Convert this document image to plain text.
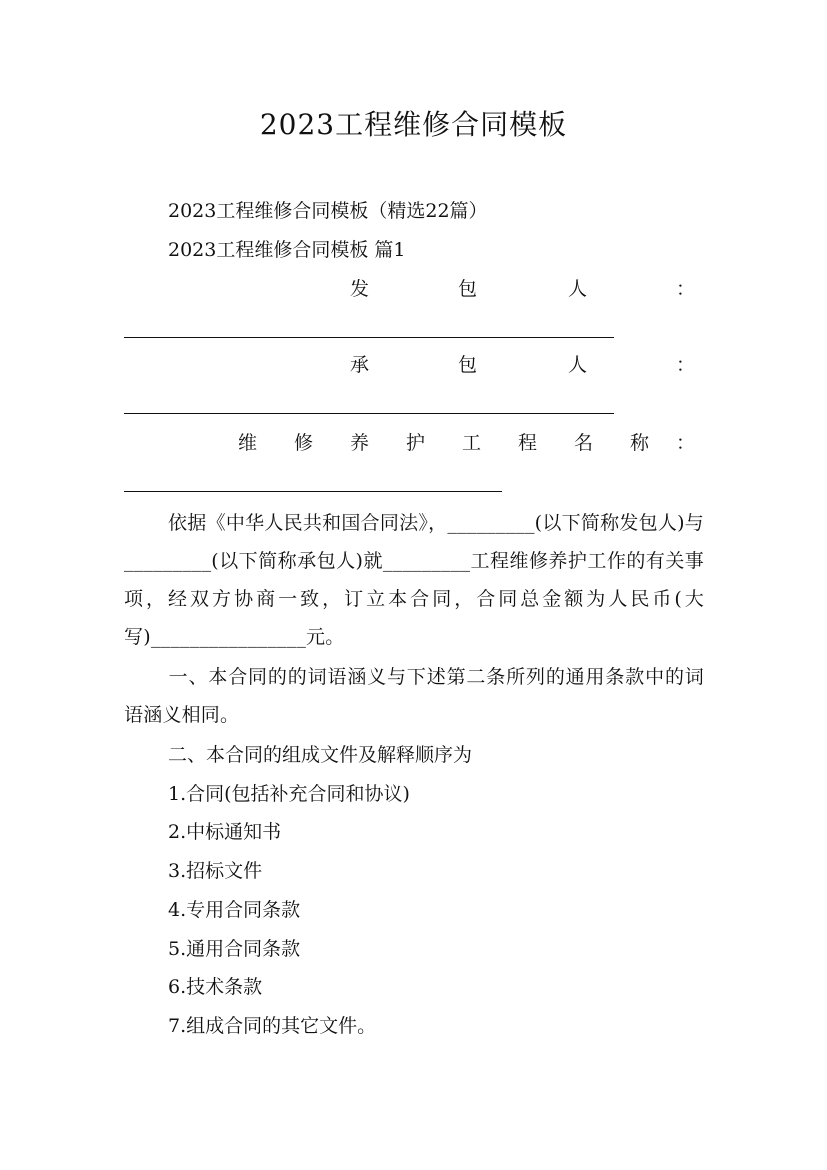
2023工程维修合同模板
2023工程维修合同模板（精选22篇）
2023工程维修合同模板 篇1
发	包	人	：
承	包	人	：
维 修 养 护 工 程 名 称 ：
依据《中华人民共和国合同法》，_________(以下简称发包人)与_________(以下简称承包人)就_________工程维修养护工作的有关事项，经双方协商一致，订立本合同，合同总金额为人民币(大写)________________元。
一、本合同的的词语涵义与下述第二条所列的通用条款中的词语涵义相同。
二、本合同的组成文件及解释顺序为
1.合同(包括补充合同和协议)
2.中标通知书
3.招标文件
4.专用合同条款
5.通用合同条款
6.技术条款
7.组成合同的其它文件。
